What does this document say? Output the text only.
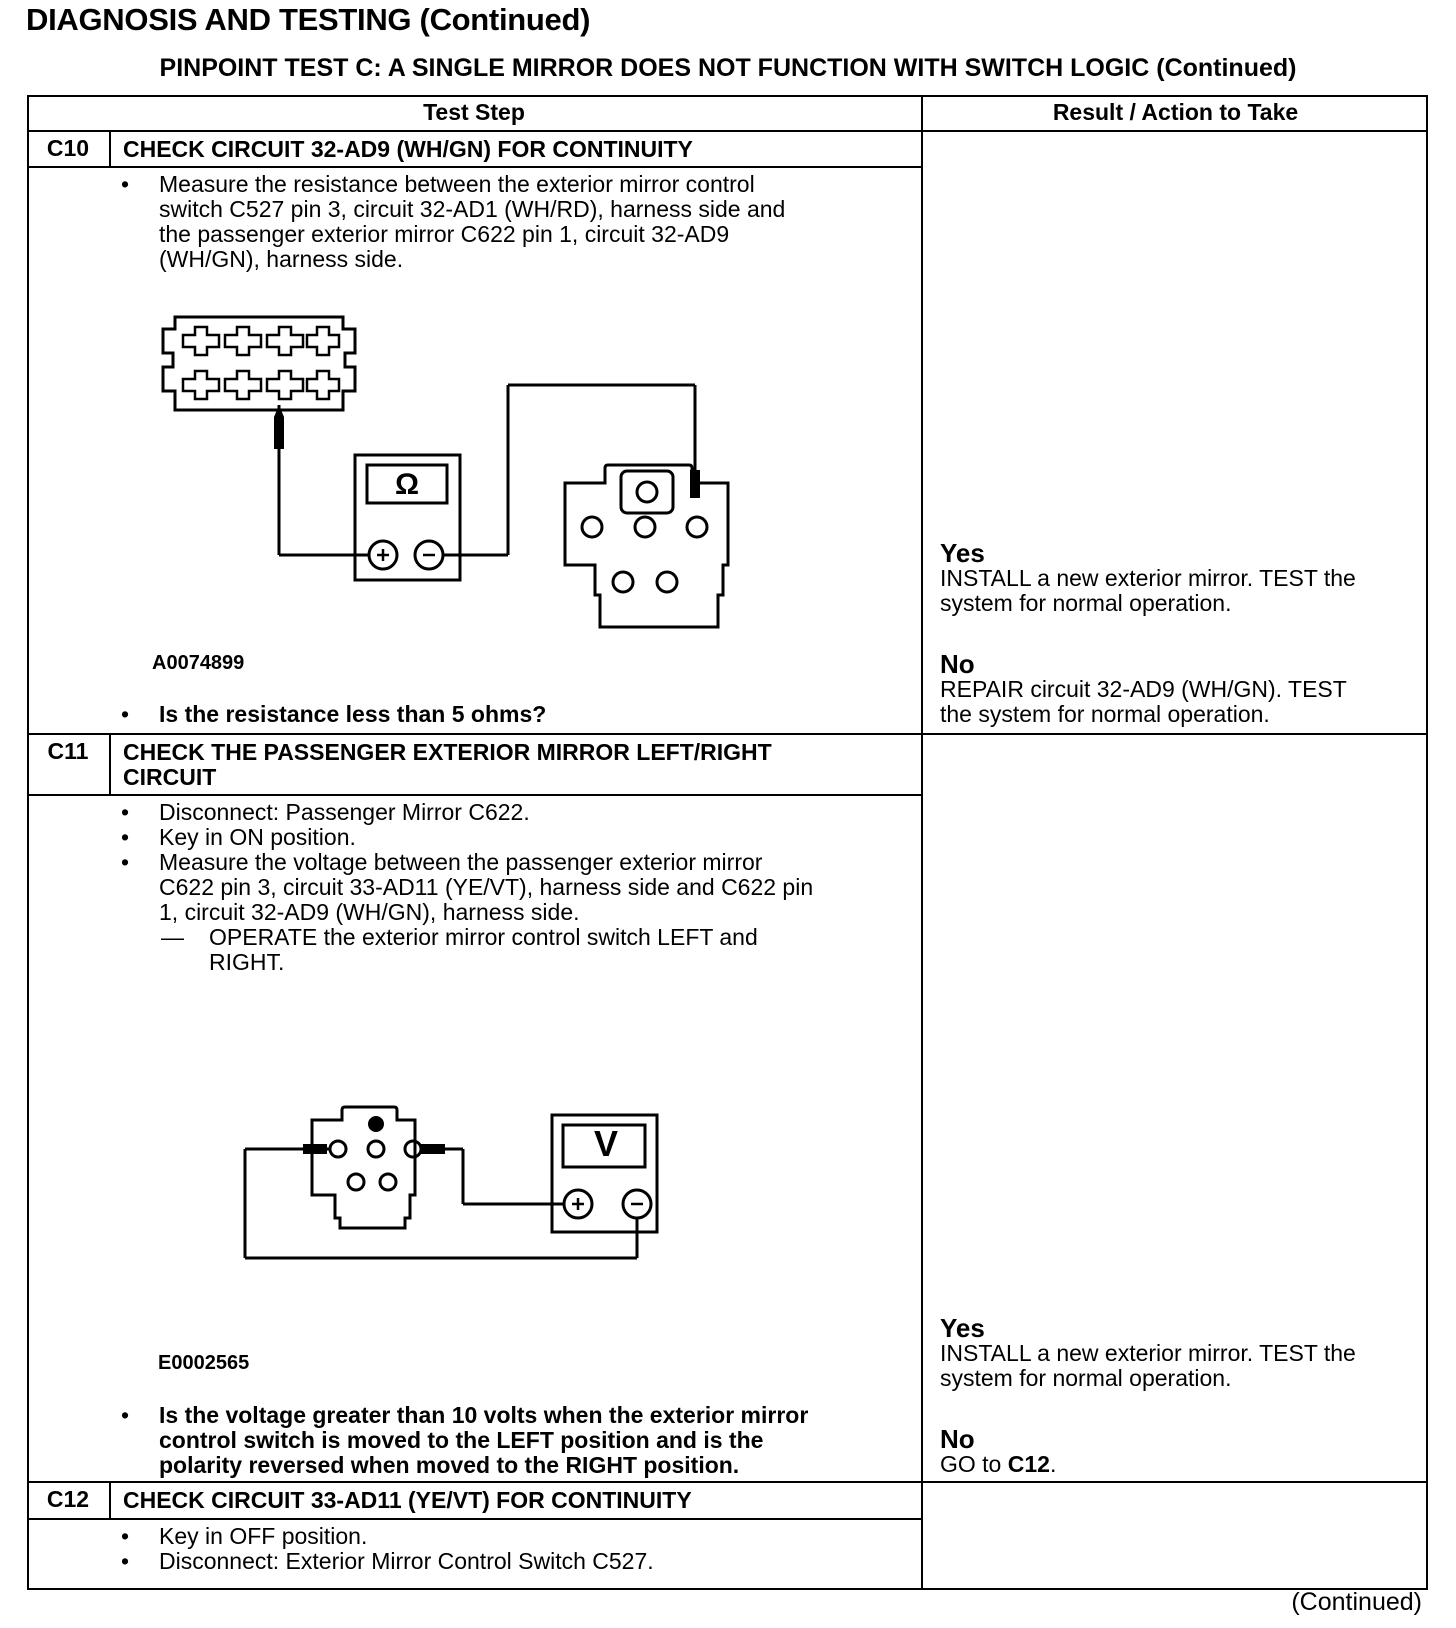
DIAGNOSIS AND TESTING (Continued)
PINPOINT TEST C: A SINGLE MIRROR DOES NOT FUNCTION WITH SWITCH LOGIC (Continued)
Test Step	Result / Action to Take
C10	CHECK CIRCUIT 32-AD9 (WH/GN) FOR CONTINUITY
• Measure the resistance between the exterior mirror control
switch C527 pin 3, circuit 32-AD1 (WH/RD), harness side and
the passenger exterior mirror C622 pin 1, circuit 32-AD9
(WH/GN), harness side.
Ω
A0074899
• Is the resistance less than 5 ohms?
Yes
INSTALL a new exterior mirror. TEST the
system for normal operation.
No
REPAIR circuit 32-AD9 (WH/GN). TEST
the system for normal operation.
C11	CHECK THE PASSENGER EXTERIOR MIRROR LEFT/RIGHT
CIRCUIT
• Disconnect: Passenger Mirror C622.
• Key in ON position.
• Measure the voltage between the passenger exterior mirror
C622 pin 3, circuit 33-AD11 (YE/VT), harness side and C622 pin
1, circuit 32-AD9 (WH/GN), harness side.
— OPERATE the exterior mirror control switch LEFT and
RIGHT.
V
E0002565
• Is the voltage greater than 10 volts when the exterior mirror
control switch is moved to the LEFT position and is the
polarity reversed when moved to the RIGHT position.
Yes
INSTALL a new exterior mirror. TEST the
system for normal operation.
No
GO to C12.
C12	CHECK CIRCUIT 33-AD11 (YE/VT) FOR CONTINUITY
• Key in OFF position.
• Disconnect: Exterior Mirror Control Switch C527.
(Continued)
